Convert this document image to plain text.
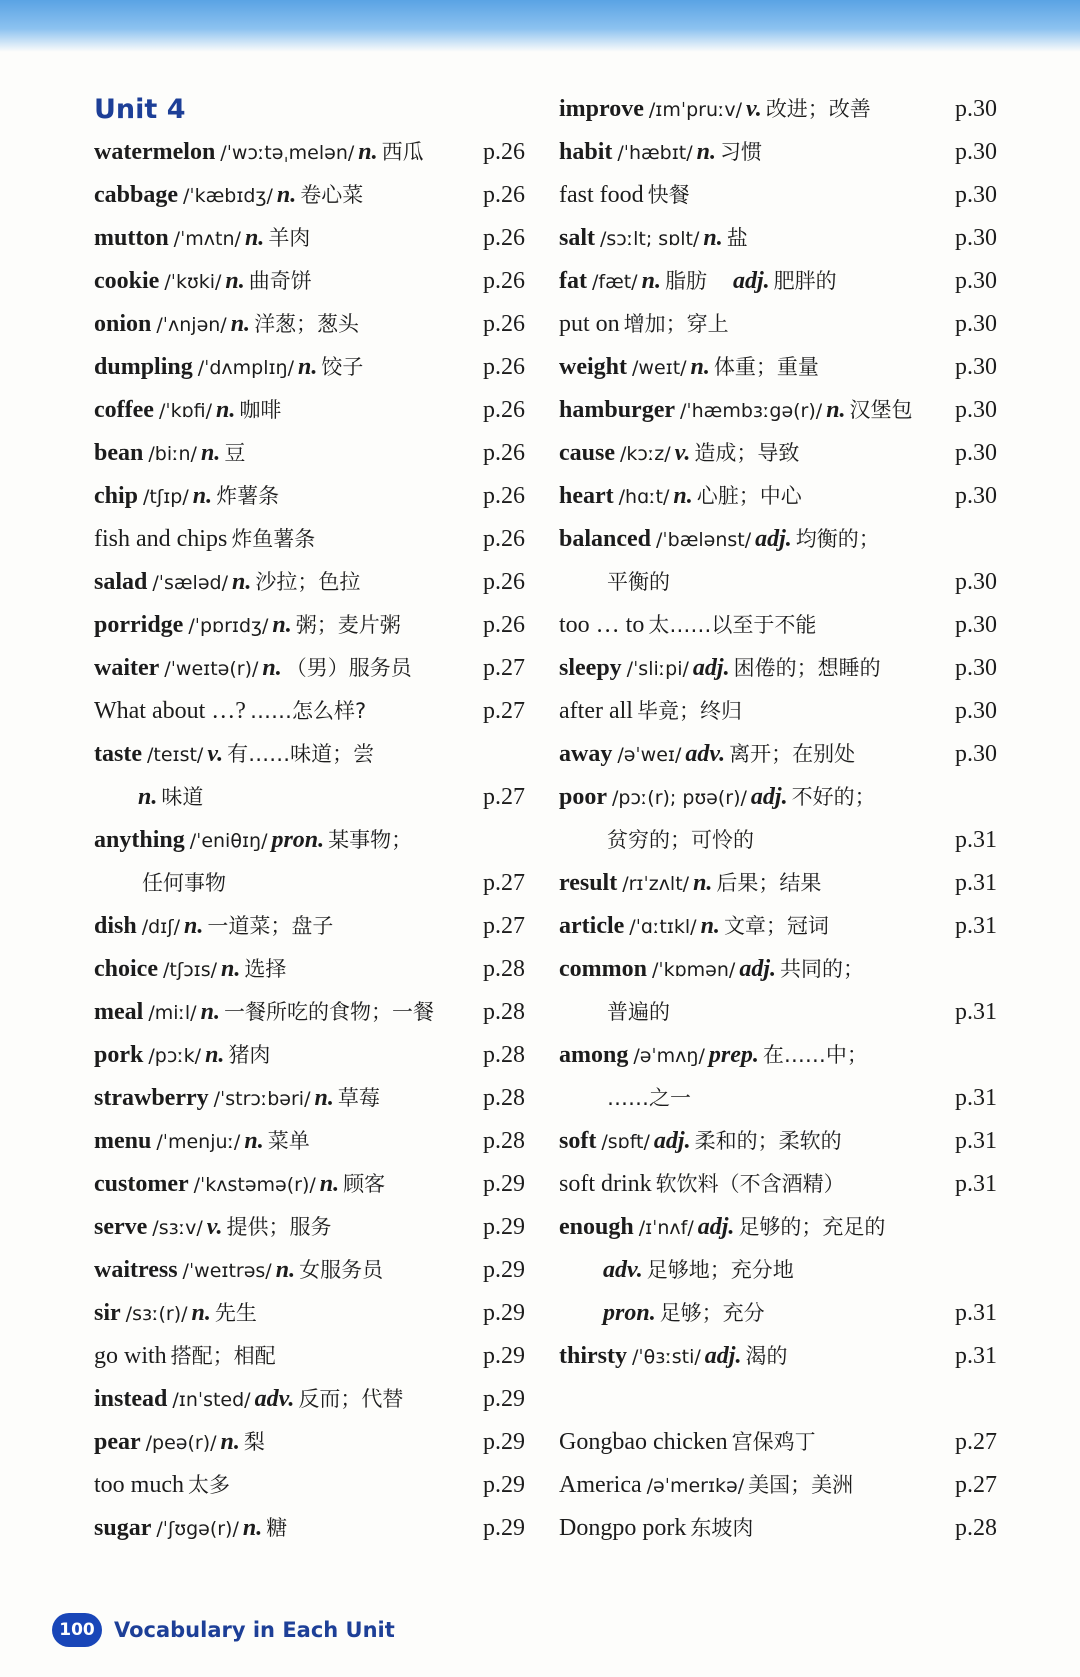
Unit 4
watermelon /ˈwɔːtəˌmelən/ n. 西瓜 p.26
cabbage /ˈkæbɪdʒ/ n. 卷心菜	p.26
mutton /ˈmʌtn/ n. 羊肉	p.26
cookie /ˈkʊki/ n. 曲奇饼	p.26
onion /ˈʌnjən/ n. 洋葱；葱头	p.26
dumpling /ˈdʌmplɪŋ/ n. 饺子	p.26
coffee /ˈkɒfi/ n. 咖啡	p.26
bean /biːn/ n. 豆	p.26
chip /tʃɪp/ n. 炸薯条	p.26
fish and chips 炸鱼薯条	p.26
salad /ˈsæləd/ n. 沙拉；色拉	p.26
porridge /ˈpɒrɪdʒ/ n. 粥；麦片粥	p.26
waiter /ˈweɪtə(r)/ n. （男）服务员	p.27
What about …? ……怎么样?	p.27
taste /teɪst/ v. 有……味道；尝
n. 味道	p.27
anything /ˈeniθɪŋ/ pron. 某事物；
任何事物	p.27
dish /dɪʃ/ n. 一道菜；盘子	p.27
choice /tʃɔɪs/ n. 选择	p.28
meal /miːl/ n. 一餐所吃的食物；一餐 p.28
pork /pɔːk/ n. 猪肉	p.28
strawberry /ˈstrɔːbəri/ n. 草莓	p.28
menu /ˈmenjuː/ n. 菜单	p.28
customer /ˈkʌstəmə(r)/ n. 顾客	p.29
serve /sɜːv/ v. 提供；服务	p.29
waitress /ˈweɪtrəs/ n. 女服务员	p.29
sir /sɜː(r)/ n. 先生	p.29
go with 搭配；相配	p.29
instead /ɪnˈsted/ adv. 反而；代替	p.29
pear /peə(r)/ n. 梨	p.29
too much 太多	p.29
sugar /ˈʃʊgə(r)/ n. 糖	p.29
improve /ɪmˈpruːv/ v. 改进；改善	p.30
habit /ˈhæbɪt/ n. 习惯	p.30
fast food 快餐	p.30
salt /sɔːlt; sɒlt/ n. 盐	p.30
fat /fæt/ n. 脂肪 adj. 肥胖的	p.30
put on 增加；穿上	p.30
weight /weɪt/ n. 体重；重量	p.30
hamburger /ˈhæmbɜːgə(r)/ n. 汉堡包 p.30
cause /kɔːz/ v. 造成；导致	p.30
heart /hɑːt/ n. 心脏；中心	p.30
balanced /ˈbælənst/ adj. 均衡的；
平衡的	p.30
too … to 太……以至于不能	p.30
sleepy /ˈsliːpi/ adj. 困倦的；想睡的	p.30
after all 毕竟；终归	p.30
away /əˈweɪ/ adv. 离开；在别处	p.30
poor /pɔː(r); pʊə(r)/ adj. 不好的；
贫穷的；可怜的	p.31
result /rɪˈzʌlt/ n. 后果；结果	p.31
article /ˈɑːtɪkl/ n. 文章；冠词	p.31
common /ˈkɒmən/ adj. 共同的；
普遍的	p.31
among /əˈmʌŋ/ prep. 在……中；
……之一	p.31
soft /sɒft/ adj. 柔和的；柔软的	p.31
soft drink 软饮料（不含酒精）	p.31
enough /ɪˈnʌf/ adj. 足够的；充足的
adv. 足够地；充分地
pron. 足够；充分	p.31
thirsty /ˈθɜːsti/ adj. 渴的	p.31
Gongbao chicken 宫保鸡丁	p.27
America /əˈmerɪkə/ 美国；美洲	p.27
Dongpo pork 东坡肉	p.28
100 Vocabulary in Each Unit
